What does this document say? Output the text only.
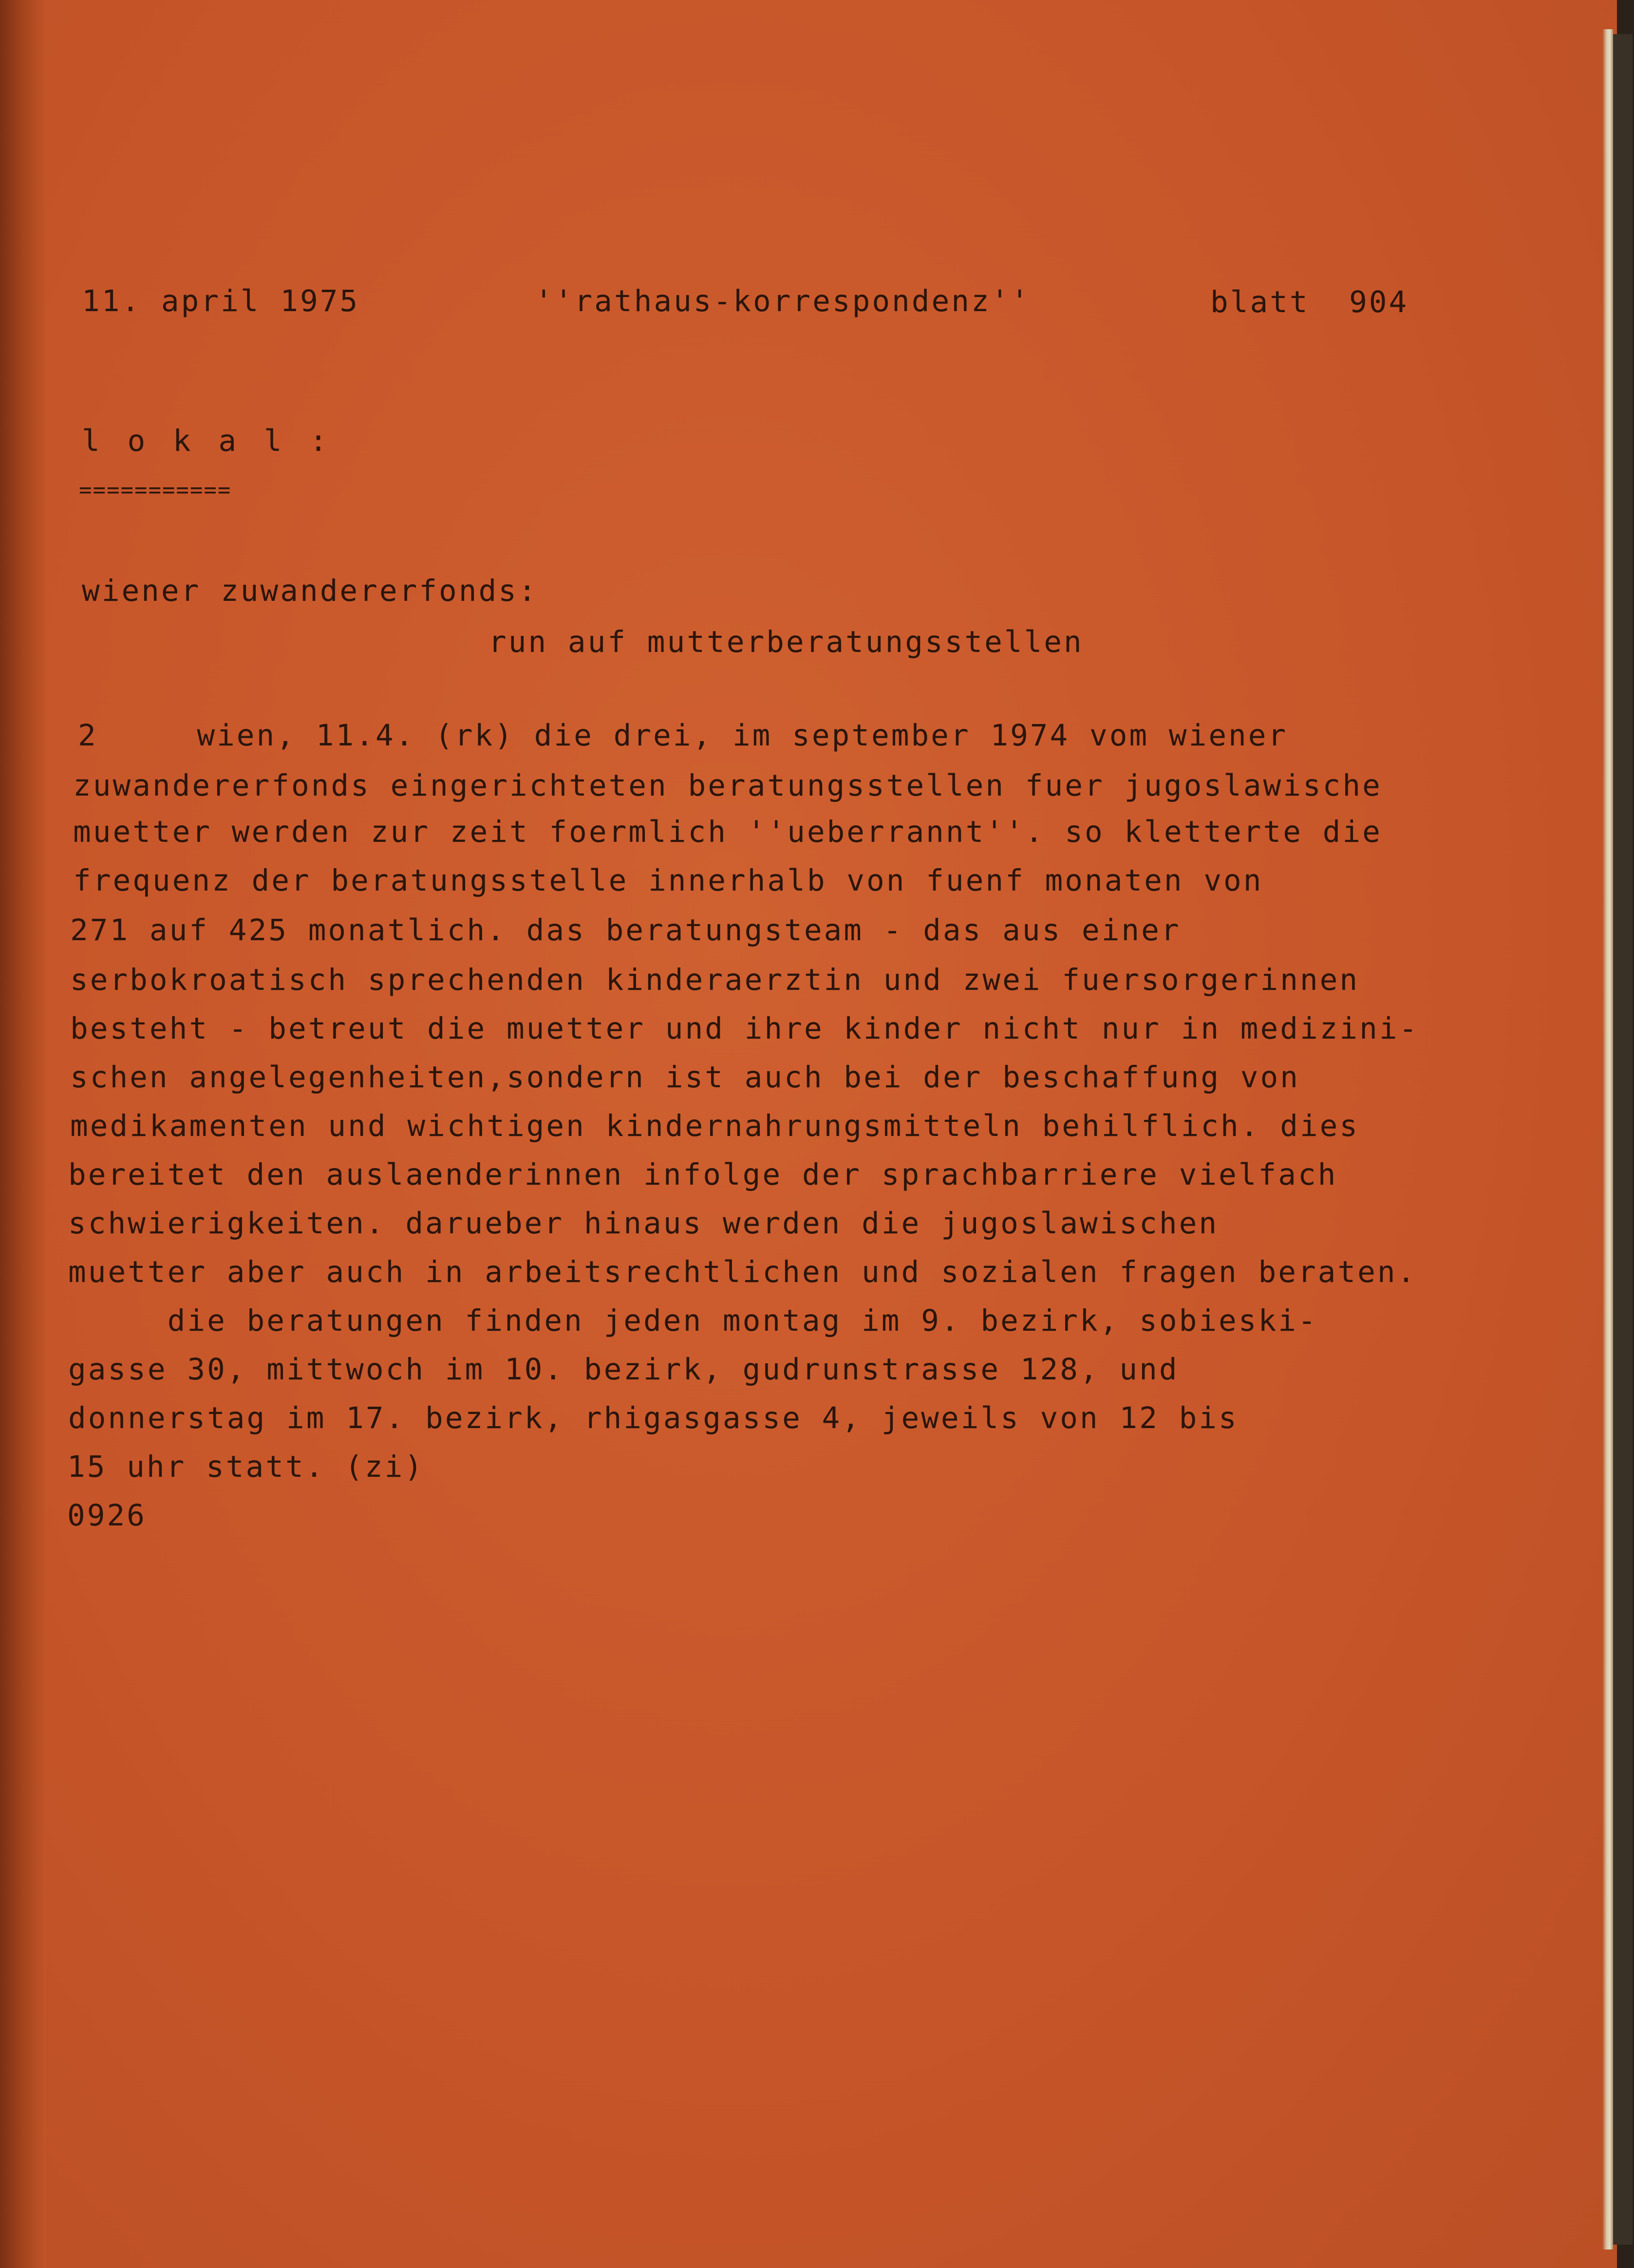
11. april 1975	''rathaus-korrespondenz''	blatt  904
l o k a l :
===========
wiener zuwandererfonds:
run auf mutterberatungsstellen
2     wien, 11.4. (rk) die drei, im september 1974 vom wiener
zuwandererfonds eingerichteten beratungsstellen fuer jugoslawische
muetter werden zur zeit foermlich ''ueberrannt''. so kletterte die
frequenz der beratungsstelle innerhalb von fuenf monaten von
271 auf 425 monatlich. das beratungsteam - das aus einer
serbokroatisch sprechenden kinderaerztin und zwei fuersorgerinnen
besteht - betreut die muetter und ihre kinder nicht nur in medizini-
schen angelegenheiten,sondern ist auch bei der beschaffung von
medikamenten und wichtigen kindernahrungsmitteln behilflich. dies
bereitet den auslaenderinnen infolge der sprachbarriere vielfach
schwierigkeiten. darueber hinaus werden die jugoslawischen
muetter aber auch in arbeitsrechtlichen und sozialen fragen beraten.
die beratungen finden jeden montag im 9. bezirk, sobieski-
gasse 30, mittwoch im 10. bezirk, gudrunstrasse 128, und
donnerstag im 17. bezirk, rhigasgasse 4, jeweils von 12 bis
15 uhr statt. (zi)
0926
